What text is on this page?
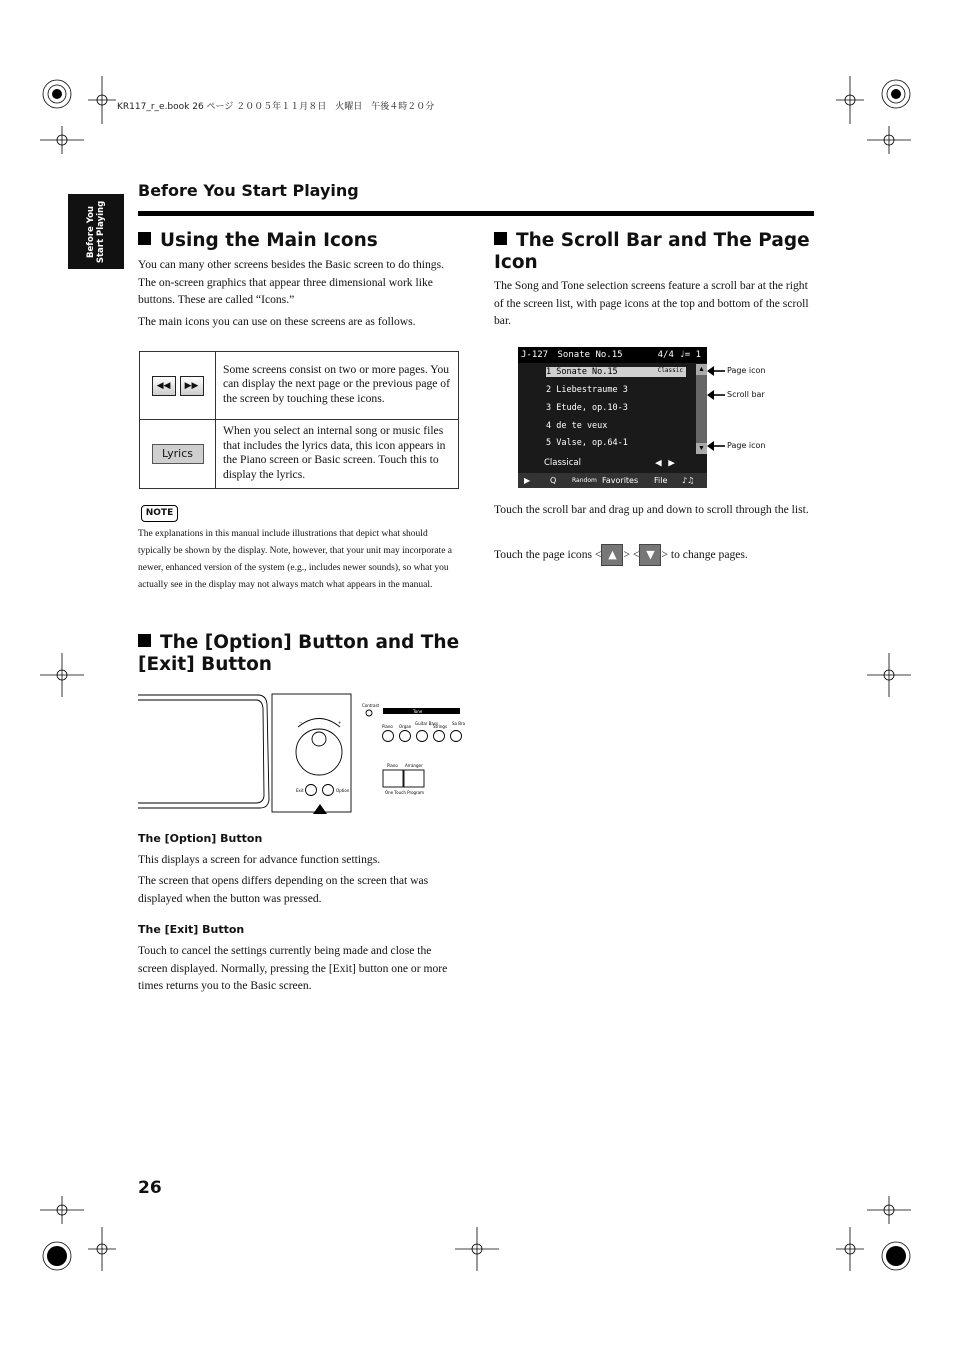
KR117_r_e.book 26 ページ ２００５年１１月８日　火曜日　午後４時２０分
Before You
Start Playing
Before You Start Playing
Using the Main Icons

You can many other screens besides the Basic screen to do things. The on-screen graphics that appear three dimensional work like buttons. These are called “Icons.”

The main icons you can use on these screens are as follows.

◀◀ ▶▶	Some screens consist on two or more pages. You can display the next page or the previous page of the screen by touching these icons.
Lyrics	When you select an internal song or music files that includes the lyrics data, this icon appears in the Piano screen or Basic screen. Touch this to display the lyrics.
NOTE

The explanations in this manual include illustrations that depict what should typically be shown by the display. Note, however, that your unit may incorporate a newer, enhanced version of the system (e.g., includes newer sounds), so what you actually see in the display may not always match what appears in the manual.

The [Option] Button and The
[Exit] Button
−	+
Contrast
Tone
Piano Organ
Guitar Bass
Strings
Sa Bra
Piano Arranger
One Touch Program
Exit	Option
The [Option] Button

This displays a screen for advance function settings.

The screen that opens differs depending on the screen that was displayed when the button was pressed.

The [Exit] Button

Touch to cancel the settings currently being made and close the screen displayed. Normally, pressing the [Exit] button one or more times returns you to the Basic screen.

The Scroll Bar and The Page
Icon

The Song and Tone selection screens feature a scroll bar at the right of the screen list, with page icons at the top and bottom of the scroll bar.

J-127 Sonate No.15	4/4 ♩= 1
1 Sonate No.15	Classic
2 Liebestraume 3
3 Etude, op.10-3
4 de te veux
5 Valse, op.64-1
▲
▼
Classical	◀ ▶
▶ Q	Random Favorites File ♪♫
Page icon
Scroll bar
Page icon

Touch the scroll bar and drag up and down to scroll through the list.

Touch the page icons < ▲ > < ▼ > to change pages.

26
